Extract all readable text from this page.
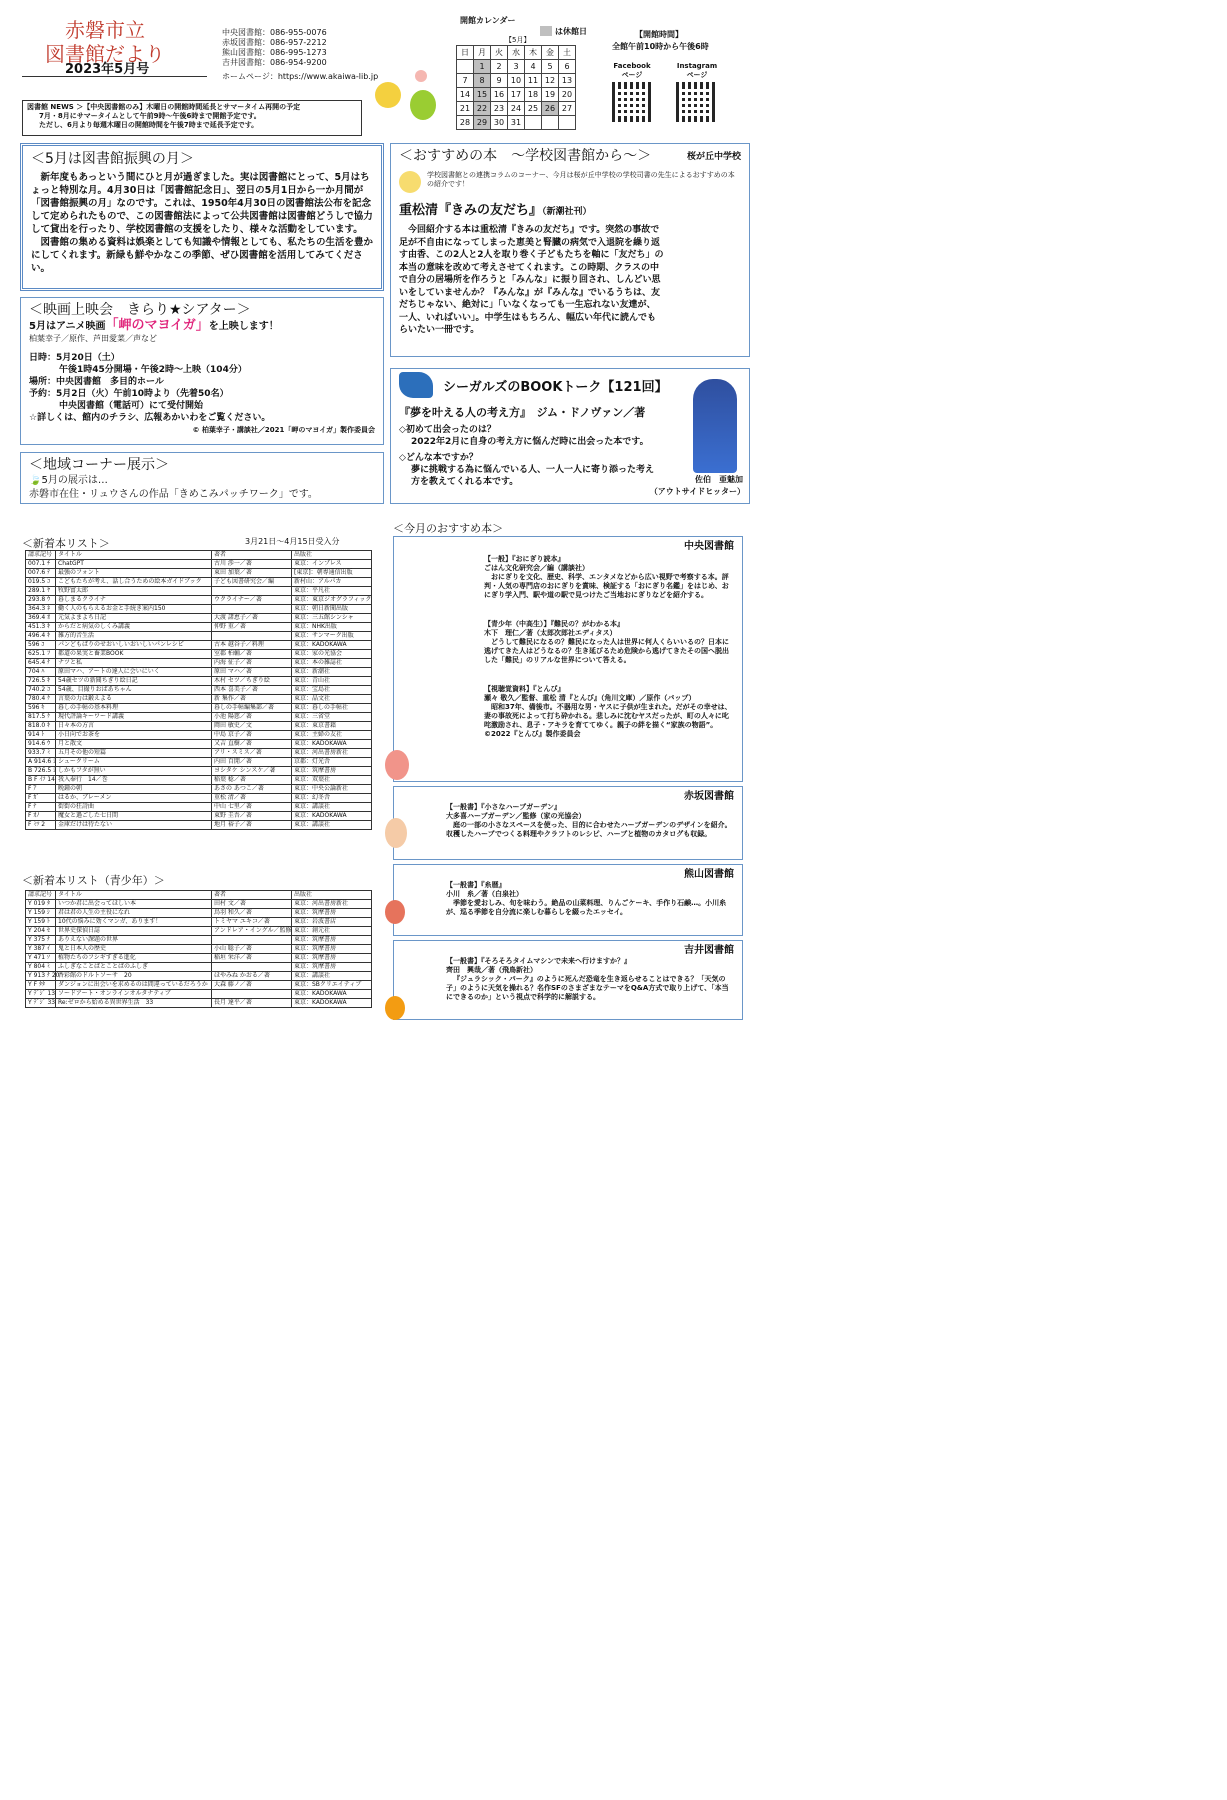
赤磐市立
図書館だより
2023年5月号
中央図書館：086-955-0076
赤坂図書館：086-957-2212
熊山図書館：086-995-1273
吉井図書館：086-954-9200
ホームページ：https://www.akaiwa-lib.jp
図書館 NEWS ＞【中央図書館のみ】木曜日の開館時間延長とサマータイム再開の予定
7月・8月にサマータイムとして午前9時～午後6時まで開館予定です。
ただし、6月より毎週木曜日の開館時間を午後7時まで延長予定です。
開館カレンダー
は休館日
【5月】
日	月	火	水	木	金	土
	1	2	3	4	5	6
7	8	9	10	11	12	13
14	15	16	17	18	19	20
21	22	23	24	25	26	27
28	29	30	31			
【開館時間】
全館午前10時から午後6時
Facebook ページ
Instagram ページ
＜5月は図書館振興の月＞

新年度もあっという間にひと月が過ぎました。実は図書館にとって、5月はちょっと特別な月。4月30日は「図書館記念日」、翌日の5月1日から一か月間が「図書館振興の月」なのです。これは、1950年4月30日の図書館法公布を記念して定められたもので、この図書館法によって公共図書館は図書館どうしで協力して貸出を行ったり、学校図書館の支援をしたり、様々な活動をしています。

図書館の集める資料は娯楽としても知識や情報としても、私たちの生活を豊かにしてくれます。新緑も鮮やかなこの季節、ぜひ図書館を活用してみてください。

＜映画上映会　きらり★シアター＞
5月はアニメ映画「岬のマヨイガ」を上映します！
柏葉幸子／原作、芦田愛菜／声など
日時：5月20日（土）
午後1時45分開場・午後2時～上映（104分）
場所：中央図書館　多目的ホール
予約：5月2日（火）午前10時より（先着50名）
中央図書館（電話可）にて受付開始
☆詳しくは、館内のチラシ、広報あかいわをご覧ください。
© 柏葉幸子・講談社／2021「岬のマヨイガ」製作委員会
＜地域コーナー展示＞
🍃5月の展示は…
赤磐市在住・リュウさんの作品「きめこみパッチワーク」です。
＜おすすめの本　～学校図書館から～＞	桜が丘中学校
学校図書館との連携コラムのコーナー、今月は桜が丘中学校の学校司書の先生によるおすすめの本の紹介です！
重松清『きみの友だち』（新潮社刊）

今回紹介する本は重松清『きみの友だち』です。突然の事故で足が不自由になってしまった恵美と腎臓の病気で入退院を繰り返す由香、この2人と2人を取り巻く子どもたちを軸に「友だち」の本当の意味を改めて考えさせてくれます。この時期、クラスの中で自分の居場所を作ろうと「みんな」に振り回され、しんどい思いをしていませんか？『みんな』が『みんな』でいるうちは、友だちじゃない、絶対に」「いなくなっても一生忘れない友達が、一人、いればいい」。中学生はもちろん、幅広い年代に読んでもらいたい一冊です。

シーガルズのBOOKトーク【121回】
『夢を叶える人の考え方』　ジム・ドノヴァン／著
◇初めて出会ったのは？
2022年2月に自身の考え方に悩んだ時に出会った本です。
◇どんな本ですか？
夢に挑戦する為に悩んでいる人、一人一人に寄り添った考え方を教えてくれる本です。	佐伯　亜魅加
（アウトサイドヒッター）
＜新着本リスト＞	3月21日～4月15日受入分
請求記号	タイトル	著者	出版社
007.1 ﾁ	ChatGPT	古川 渉一／著	東京：インプレス
007.6 ﾃ	最強のフォント	東田 加葉／著	[東京]：朝専通信出版
019.5 ｺ	こどもたちが考え、話し合うための絵本ガイドブック	子ども図書研究会／編	新村山：アルパカ
289.1 ﾔ	牧野富太郎		東京：平凡社
293.8 ｳ	暮しまるクライナ	ウクライナー／著	東京：東京ジオグラフィック
364.3 ﾈ	働く人のもらえるお金と手続き案内150		東京：朝日新聞出版
369.4 ｵ	元気よまよち日記	大渡 諸恵子／著	東京：三五館シンシャ
451.3 ｷ	からだと病気のしくみ講義	仲野 重／著	東京：NHK出版
496.4 ｷ	雑方的音生活		東京：サンマーク出版
596 ｺ	パンどもぱりのせおいしいおいしいパンレシピ	古本 越谷子／料理	東京：KADOKAWA
625.1 ﾌ	都道の果実と畜業BOOK	室郡 柏輔／著	東京：家の光協会
645.4 ﾅ	ナツと私	内海 征子／著	東京：本の雑誌社
704 ﾊ	原田マハ、アートの達人に会いにいく	原田 マハ／著	東京：新潮社
726.5 ｷ	54歳セツの新聞ちぎり絵日記	木村 セツ／ちぎり絵	東京：青山社
740.2 ｺ	54歳、目撮りおばあちゃん	西本 喜美子／著	東京：宝島社
780.4 ｹ	言葉の力は鍛えよる	新 集作／著	東京：晶文社
596 ｷ	暮しの手帖の基本料理	暮しの手帖編集部／著	東京：暮しの手帖社
817.5 ｹ	現代評論キーワード講義	小池 陽慈／著	東京：三省堂
818.0 ｷ	日々本の方言	岡田 敏史／文	東京：東京書籍
914 ﾄ	小日向でお茶を	中島 京子／著	東京：主婦の友社
914.6 ｳ	月と散文	又吉 直樹／著	東京：KADOKAWA
933.7 ﾐ	五月その他の短篇	アリ・スミス／著	東京：河出書房新社
A 914.6 ｼ	シュークリーム	内田 百閒／著	京都：灯光舎
B 726.5 ｼ	しかもフタが無い	ヨシタケ シンスケ／著	東京：筑摩書房
B F ｲﾌ 14	我入奉行　14／巻	稲葉 稔／著	東京：双葉社
F ｱ	晩鐘の朝	あさの あつこ／著	東京：中央公論新社
F ｶﾞ	はるか、ブレーメン	重松 清／著	東京：幻冬舎
F ﾅ	街街の狂詩曲	中山 七里／著	東京：講談社
F ｵﾉ	魔女と過ごした七日間	東野 圭吾／著	東京：KADOKAWA
F ﾐﾂ 2	金庫だけは待たない	地月 裕子／著	東京：講談社
＜新着本リスト（青少年）＞
請求記号	タイトル	著者	出版社
Y 019 ﾀ	いつか君に出会ってほしい本	田村 文／著	東京：河出書房新社
Y 159 ｼ	君は君の人生の主役になれ	鳥羽 和久／著	東京：筑摩書房
Y 159 ﾄ	10代の悩みに効くマンガ、あります！	トミヤマ ユキコ／著	東京：岩波書店
Y 204 ｾ	世界史探偵日誌	アンドレア・イングル／監修	東京：創元社
Y 375 ﾅ	ありえない課題の世界		東京：筑摩書房
Y 387 ｲ	鬼と日本人の歴史	小山 聡子／著	東京：筑摩書房
Y 471 ｿ	植物たちのフシギすぎる進化	稲垣 栄洋／著	東京：筑摩書房
Y 804 ﾐ	ふしぎなことばとことばのふしぎ		東京：筑摩書房
Y 913 ﾅ 20	香彩館のドルトソーサ　20	ほやみね かおる／著	東京：講談社
Y F ﾀﾀ	ダンジョンに出会いを求めるのは間違っているだろうか	大森 藤ノ／著	東京：SBクリエイティブ
Y ﾃﾞｼﾞ 13	ソードアート・オンラインオルタナティブ		東京：KADOKAWA
Y ﾃﾞｼﾞ 33	Re:ゼロから始める異世界生活　33	長月 達平／著	東京：KADOKAWA
＜今月のおすすめ本＞
中央図書館
【一般】『おにぎり読本』
ごはん文化研究会／編（講談社）
おにぎりを文化、歴史、科学、エンタメなどから広い視野で考察する本。評判・人気の専門店のおにぎりを賞味、検証する「おにぎり名鑑」をはじめ、おにぎり学入門、駅や道の駅で見つけたご当地おにぎりなどを紹介する。
【青少年（中高生）】『難民の？がわかる本』
木下　理仁／著（太郎次郎社エディタス）
どうして難民になるの？難民になった人は世界に何人くらいいるの？日本に逃げてきた人はどうなるの？生き延びるため危険から逃げてきたその国へ脱出した「難民」のリアルな世界について答える。
【視聴覚資料】『とんび』
瀬々 敬久／監督、重松 清『とんび』（角川文庫）／原作（バップ）
昭和37年、備後市。不器用な男・ヤスに子供が生まれた。だがその幸せは、妻の事故死によって打ち砕かれる。悲しみに沈むヤスだったが、町の人々に叱咤激励され、息子・アキラを育ててゆく。親子の絆を描く“家族の物語”。©2022『とんび』製作委員会
赤坂図書館
【一般書】『小さなハーブガーデン』
大多喜ハーブガーデン／監修（家の光協会）
庭の一部の小さなスペースを使った、目的に合わせたハーブガーデンのデザインを紹介。収穫したハーブでつくる料理やクラフトのレシピ、ハーブと植物のカタログも収録。
熊山図書館
【一般書】『糸暦』
小川　糸／著（白泉社）
季節を愛おしみ、旬を味わう。絶品の山菜料理、りんごケーキ、手作り石鹸…。小川糸が、巡る季節を自分流に楽しむ暮らしを綴ったエッセイ。
吉井図書館
【一般書】『そろそろタイムマシンで未来へ行けますか？』
齊田　興哉／著（飛鳥新社）
『ジュラシック・パーク』のように死んだ恐竜を生き返らせることはできる？「天気の子」のように天気を操れる？名作SFのさまざまなテーマをQ&A方式で取り上げて、「本当にできるのか」という視点で科学的に解説する。
